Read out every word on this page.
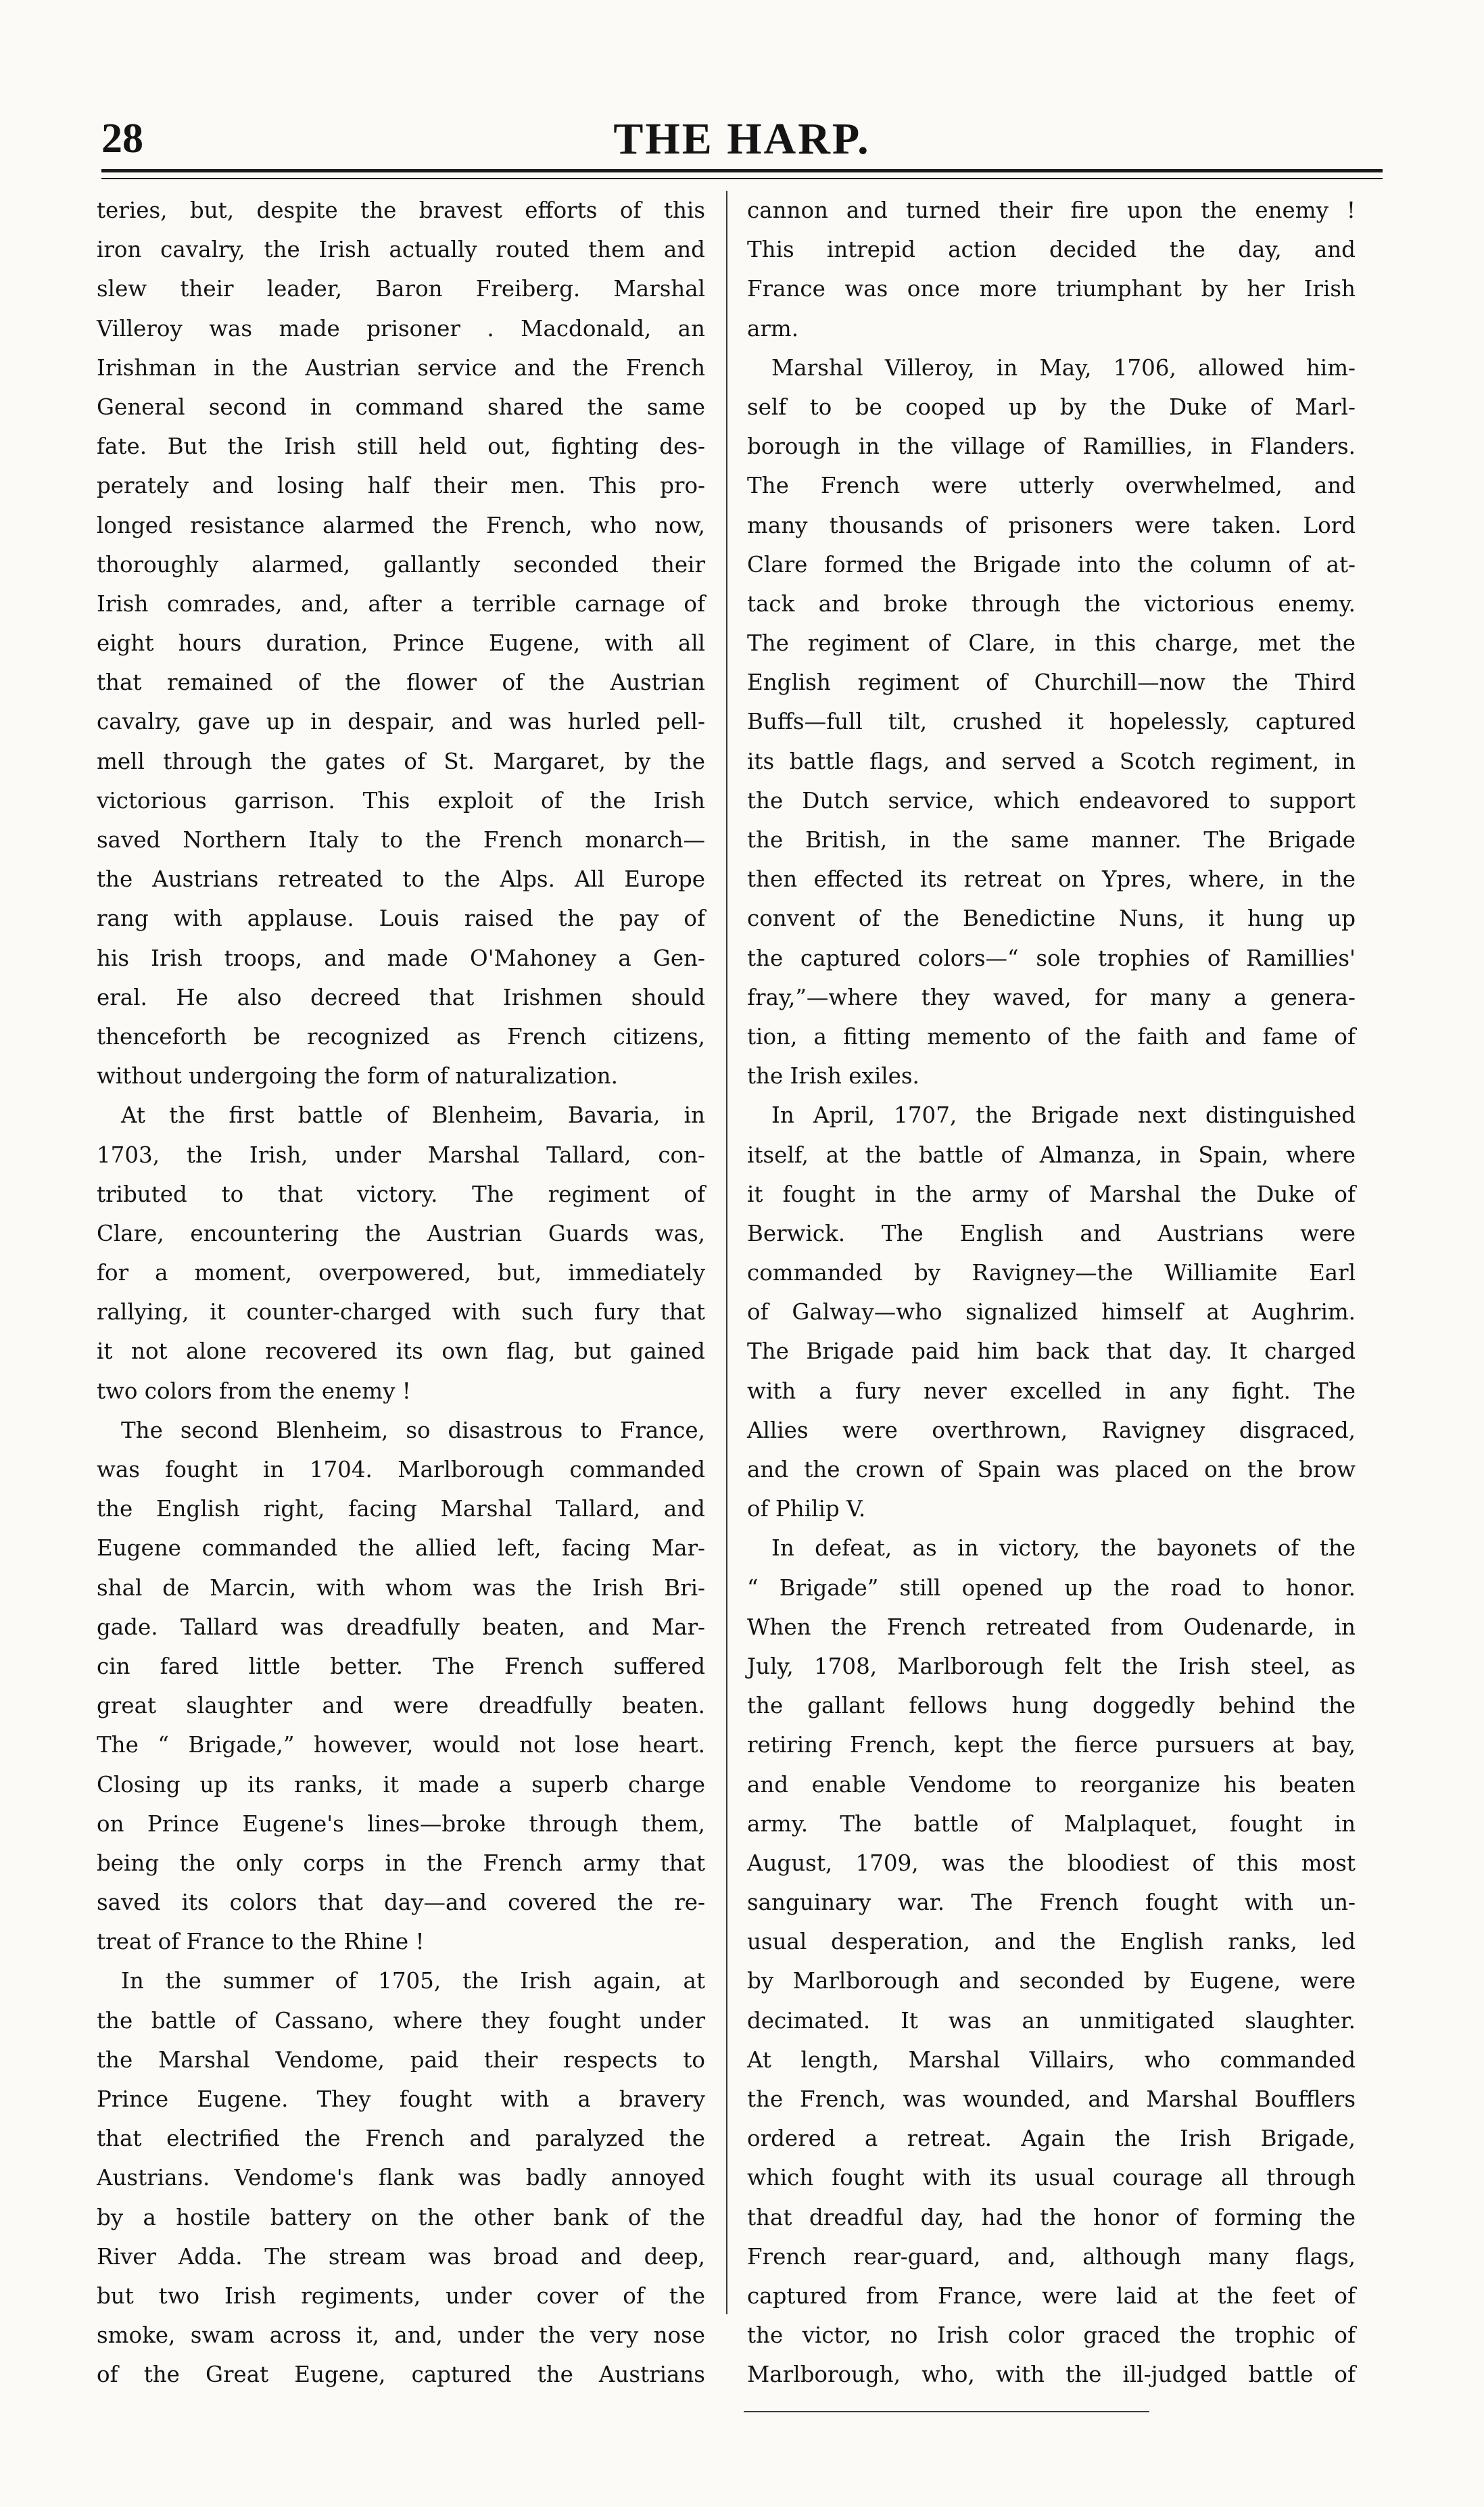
28	THE HARP.
teries, but, despite the bravest efforts of this
iron cavalry, the Irish actually routed them and
slew their leader, Baron Freiberg. Marshal
Villeroy was made prisoner . Macdonald, an
Irishman in the Austrian service and the French
General second in command shared the same
fate. But the Irish still held out, fighting des-
perately and losing half their men. This pro-
longed resistance alarmed the French, who now,
thoroughly alarmed, gallantly seconded their
Irish comrades, and, after a terrible carnage of
eight hours duration, Prince Eugene, with all
that remained of the flower of the Austrian
cavalry, gave up in despair, and was hurled pell-
mell through the gates of St. Margaret, by the
victorious garrison. This exploit of the Irish
saved Northern Italy to the French monarch—
the Austrians retreated to the Alps. All Europe
rang with applause. Louis raised the pay of
his Irish troops, and made O'Mahoney a Gen-
eral. He also decreed that Irishmen should
thenceforth be recognized as French citizens,
without undergoing the form of naturalization.
At the first battle of Blenheim, Bavaria, in
1703, the Irish, under Marshal Tallard, con-
tributed to that victory. The regiment of
Clare, encountering the Austrian Guards was,
for a moment, overpowered, but, immediately
rallying, it counter-charged with such fury that
it not alone recovered its own flag, but gained
two colors from the enemy !
The second Blenheim, so disastrous to France,
was fought in 1704. Marlborough commanded
the English right, facing Marshal Tallard, and
Eugene commanded the allied left, facing Mar-
shal de Marcin, with whom was the Irish Bri-
gade. Tallard was dreadfully beaten, and Mar-
cin fared little better. The French suffered
great slaughter and were dreadfully beaten.
The “ Brigade,” however, would not lose heart.
Closing up its ranks, it made a superb charge
on Prince Eugene's lines—broke through them,
being the only corps in the French army that
saved its colors that day—and covered the re-
treat of France to the Rhine !
In the summer of 1705, the Irish again, at
the battle of Cassano, where they fought under
the Marshal Vendome, paid their respects to
Prince Eugene. They fought with a bravery
that electrified the French and paralyzed the
Austrians. Vendome's flank was badly annoyed
by a hostile battery on the other bank of the
River Adda. The stream was broad and deep,
but two Irish regiments, under cover of the
smoke, swam across it, and, under the very nose
of the Great Eugene, captured the Austrians
cannon and turned their fire upon the enemy !
This intrepid action decided the day, and
France was once more triumphant by her Irish
arm.
Marshal Villeroy, in May, 1706, allowed him-
self to be cooped up by the Duke of Marl-
borough in the village of Ramillies, in Flanders.
The French were utterly overwhelmed, and
many thousands of prisoners were taken. Lord
Clare formed the Brigade into the column of at-
tack and broke through the victorious enemy.
The regiment of Clare, in this charge, met the
English regiment of Churchill—now the Third
Buffs—full tilt, crushed it hopelessly, captured
its battle flags, and served a Scotch regiment, in
the Dutch service, which endeavored to support
the British, in the same manner. The Brigade
then effected its retreat on Ypres, where, in the
convent of the Benedictine Nuns, it hung up
the captured colors—“ sole trophies of Ramillies'
fray,”—where they waved, for many a genera-
tion, a fitting memento of the faith and fame of
the Irish exiles.
In April, 1707, the Brigade next distinguished
itself, at the battle of Almanza, in Spain, where
it fought in the army of Marshal the Duke of
Berwick. The English and Austrians were
commanded by Ravigney—the Williamite Earl
of Galway—who signalized himself at Aughrim.
The Brigade paid him back that day. It charged
with a fury never excelled in any fight. The
Allies were overthrown, Ravigney disgraced,
and the crown of Spain was placed on the brow
of Philip V.
In defeat, as in victory, the bayonets of the
“ Brigade” still opened up the road to honor.
When the French retreated from Oudenarde, in
July, 1708, Marlborough felt the Irish steel, as
the gallant fellows hung doggedly behind the
retiring French, kept the fierce pursuers at bay,
and enable Vendome to reorganize his beaten
army. The battle of Malplaquet, fought in
August, 1709, was the bloodiest of this most
sanguinary war. The French fought with un-
usual desperation, and the English ranks, led
by Marlborough and seconded by Eugene, were
decimated. It was an unmitigated slaughter.
At length, Marshal Villairs, who commanded
the French, was wounded, and Marshal Boufflers
ordered a retreat. Again the Irish Brigade,
which fought with its usual courage all through
that dreadful day, had the honor of forming the
French rear-guard, and, although many flags,
captured from France, were laid at the feet of
the victor, no Irish color graced the trophic of
Marlborough, who, with the ill-judged battle of
